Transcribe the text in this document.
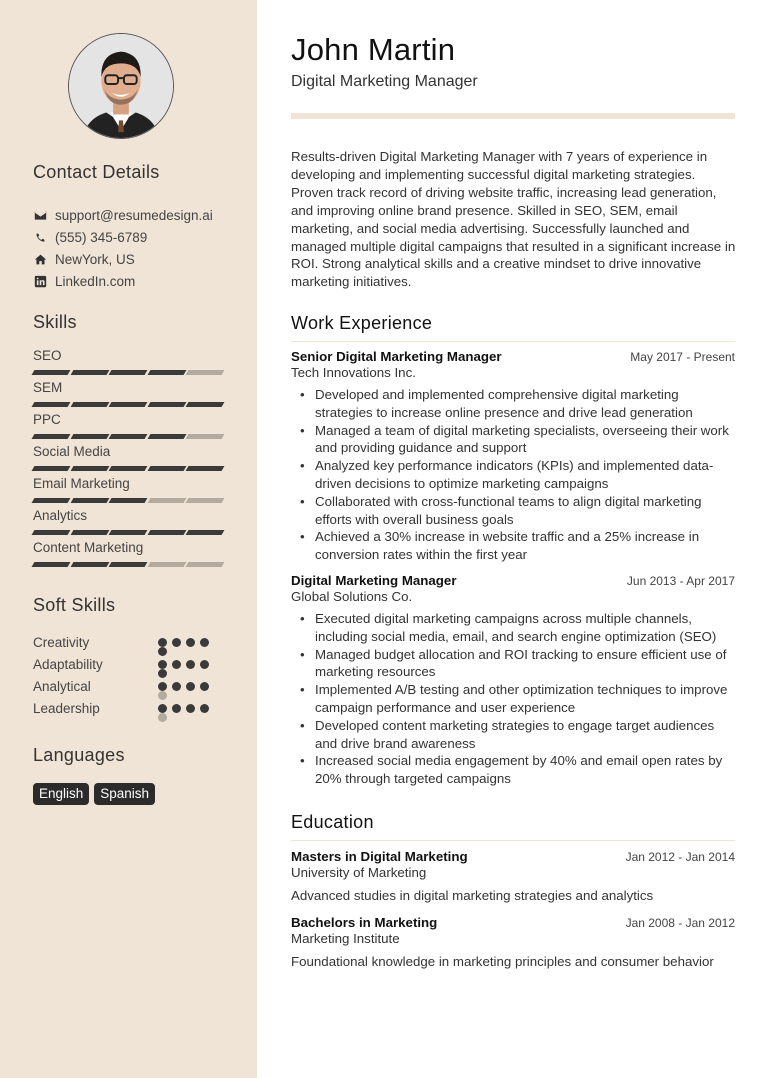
Contact Details
support@resumedesign.ai
(555) 345-6789
NewYork, US
LinkedIn.com
Skills
SEO
SEM
PPC
Social Media
Email Marketing
Analytics
Content Marketing
Soft Skills
Creativity
Adaptability
Analytical
Leadership
Languages
English	Spanish
John Martin
Digital Marketing Manager

Results-driven Digital Marketing Manager with 7 years of experience in developing and implementing successful digital marketing strategies. Proven track record of driving website traffic, increasing lead generation, and improving online brand presence. Skilled in SEO, SEM, email marketing, and social media advertising. Successfully launched and managed multiple digital campaigns that resulted in a significant increase in ROI. Strong analytical skills and a creative mindset to drive innovative marketing initiatives.

Work Experience
Senior Digital Marketing Manager	May 2017 - Present
Tech Innovations Inc.
• Developed and implemented comprehensive digital marketing strategies to increase online presence and drive lead generation
• Managed a team of digital marketing specialists, overseeing their work and providing guidance and support
• Analyzed key performance indicators (KPIs) and implemented data-driven decisions to optimize marketing campaigns
• Collaborated with cross-functional teams to align digital marketing efforts with overall business goals
• Achieved a 30% increase in website traffic and a 25% increase in conversion rates within the first year
Digital Marketing Manager	Jun 2013 - Apr 2017
Global Solutions Co.
• Executed digital marketing campaigns across multiple channels, including social media, email, and search engine optimization (SEO)
• Managed budget allocation and ROI tracking to ensure efficient use of marketing resources
• Implemented A/B testing and other optimization techniques to improve campaign performance and user experience
• Developed content marketing strategies to engage target audiences and drive brand awareness
• Increased social media engagement by 40% and email open rates by 20% through targeted campaigns
Education
Masters in Digital Marketing	Jan 2012 - Jan 2014
University of Marketing
Advanced studies in digital marketing strategies and analytics
Bachelors in Marketing	Jan 2008 - Jan 2012
Marketing Institute
Foundational knowledge in marketing principles and consumer behavior
